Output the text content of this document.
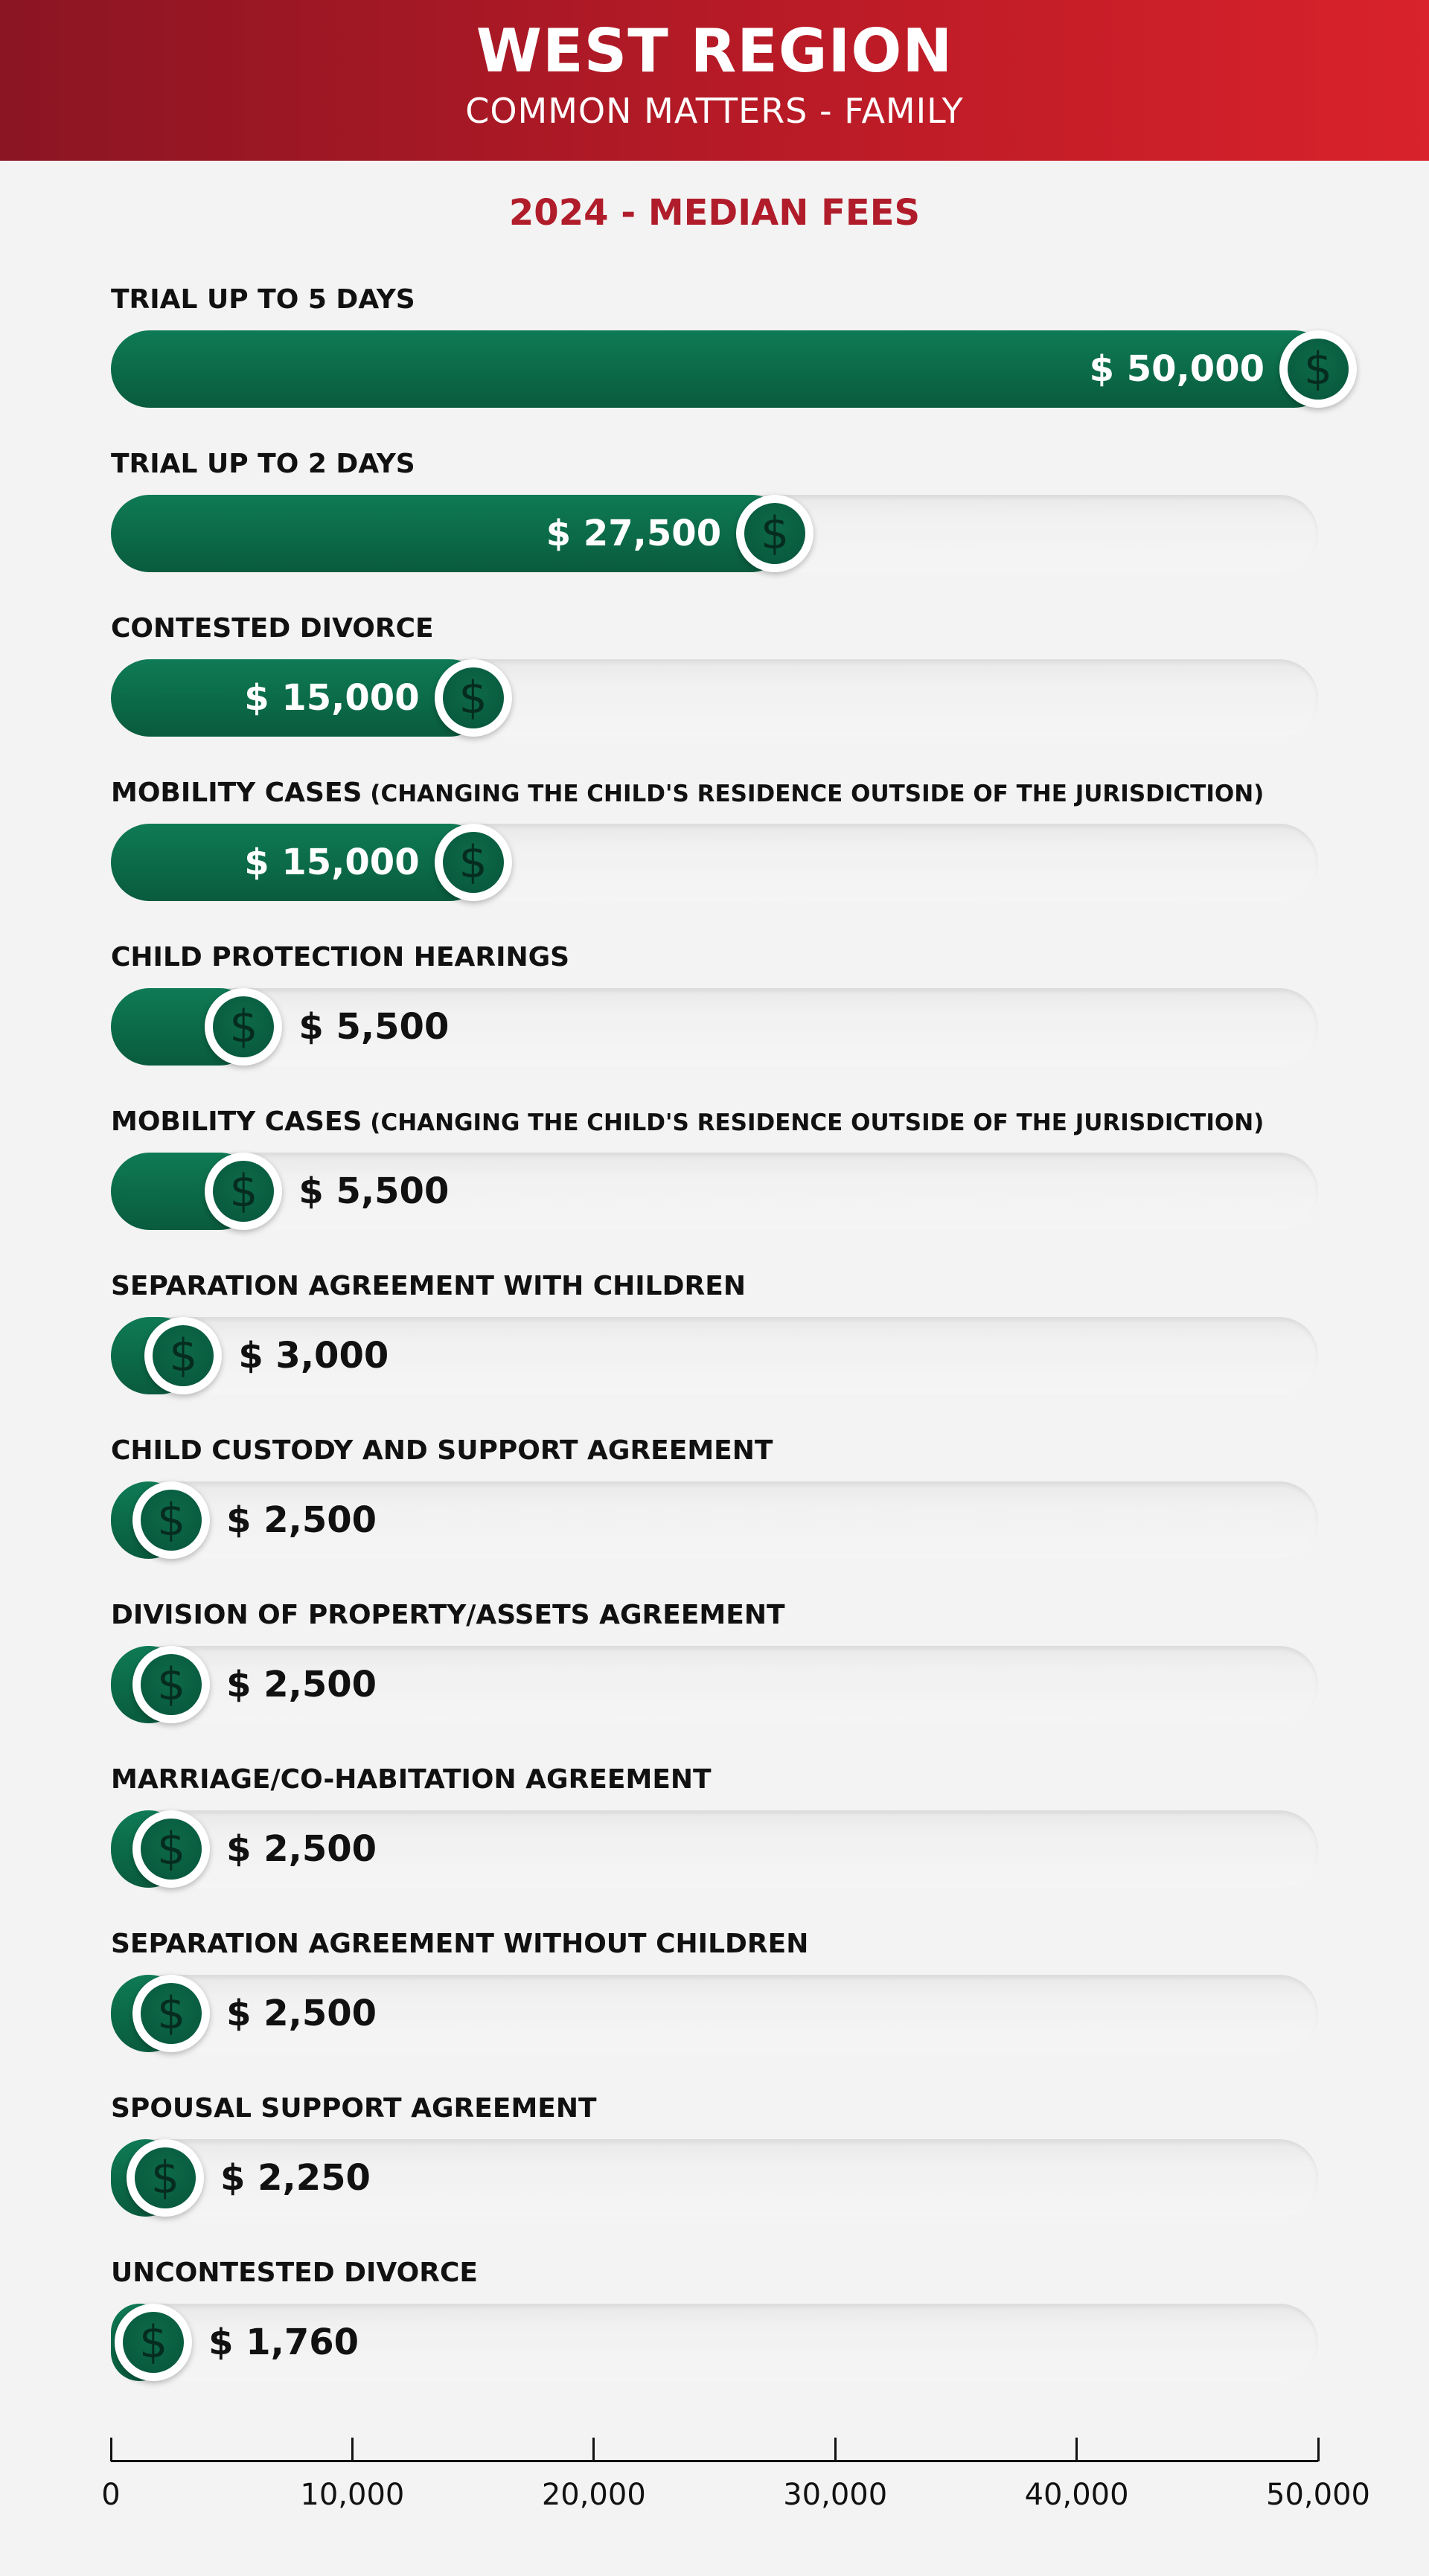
WEST REGION
COMMON MATTERS - FAMILY
2024 - MEDIAN FEES
TRIAL UP TO 5 DAYS
$
$ 50,000
TRIAL UP TO 2 DAYS
$
$ 27,500
CONTESTED DIVORCE
$
$ 15,000
MOBILITY CASES (CHANGING THE CHILD'S RESIDENCE OUTSIDE OF THE JURISDICTION)
$
$ 15,000
CHILD PROTECTION HEARINGS
$	$ 5,500
MOBILITY CASES (CHANGING THE CHILD'S RESIDENCE OUTSIDE OF THE JURISDICTION)
$	$ 5,500
SEPARATION AGREEMENT WITH CHILDREN
$	$ 3,000
CHILD CUSTODY AND SUPPORT AGREEMENT
$	$ 2,500
DIVISION OF PROPERTY/ASSETS AGREEMENT
$	$ 2,500
MARRIAGE/CO-HABITATION AGREEMENT
$	$ 2,500
SEPARATION AGREEMENT WITHOUT CHILDREN
$	$ 2,500
SPOUSAL SUPPORT AGREEMENT
$	$ 2,250
UNCONTESTED DIVORCE
$	$ 1,760
0	10,000	20,000	30,000	40,000	50,000
